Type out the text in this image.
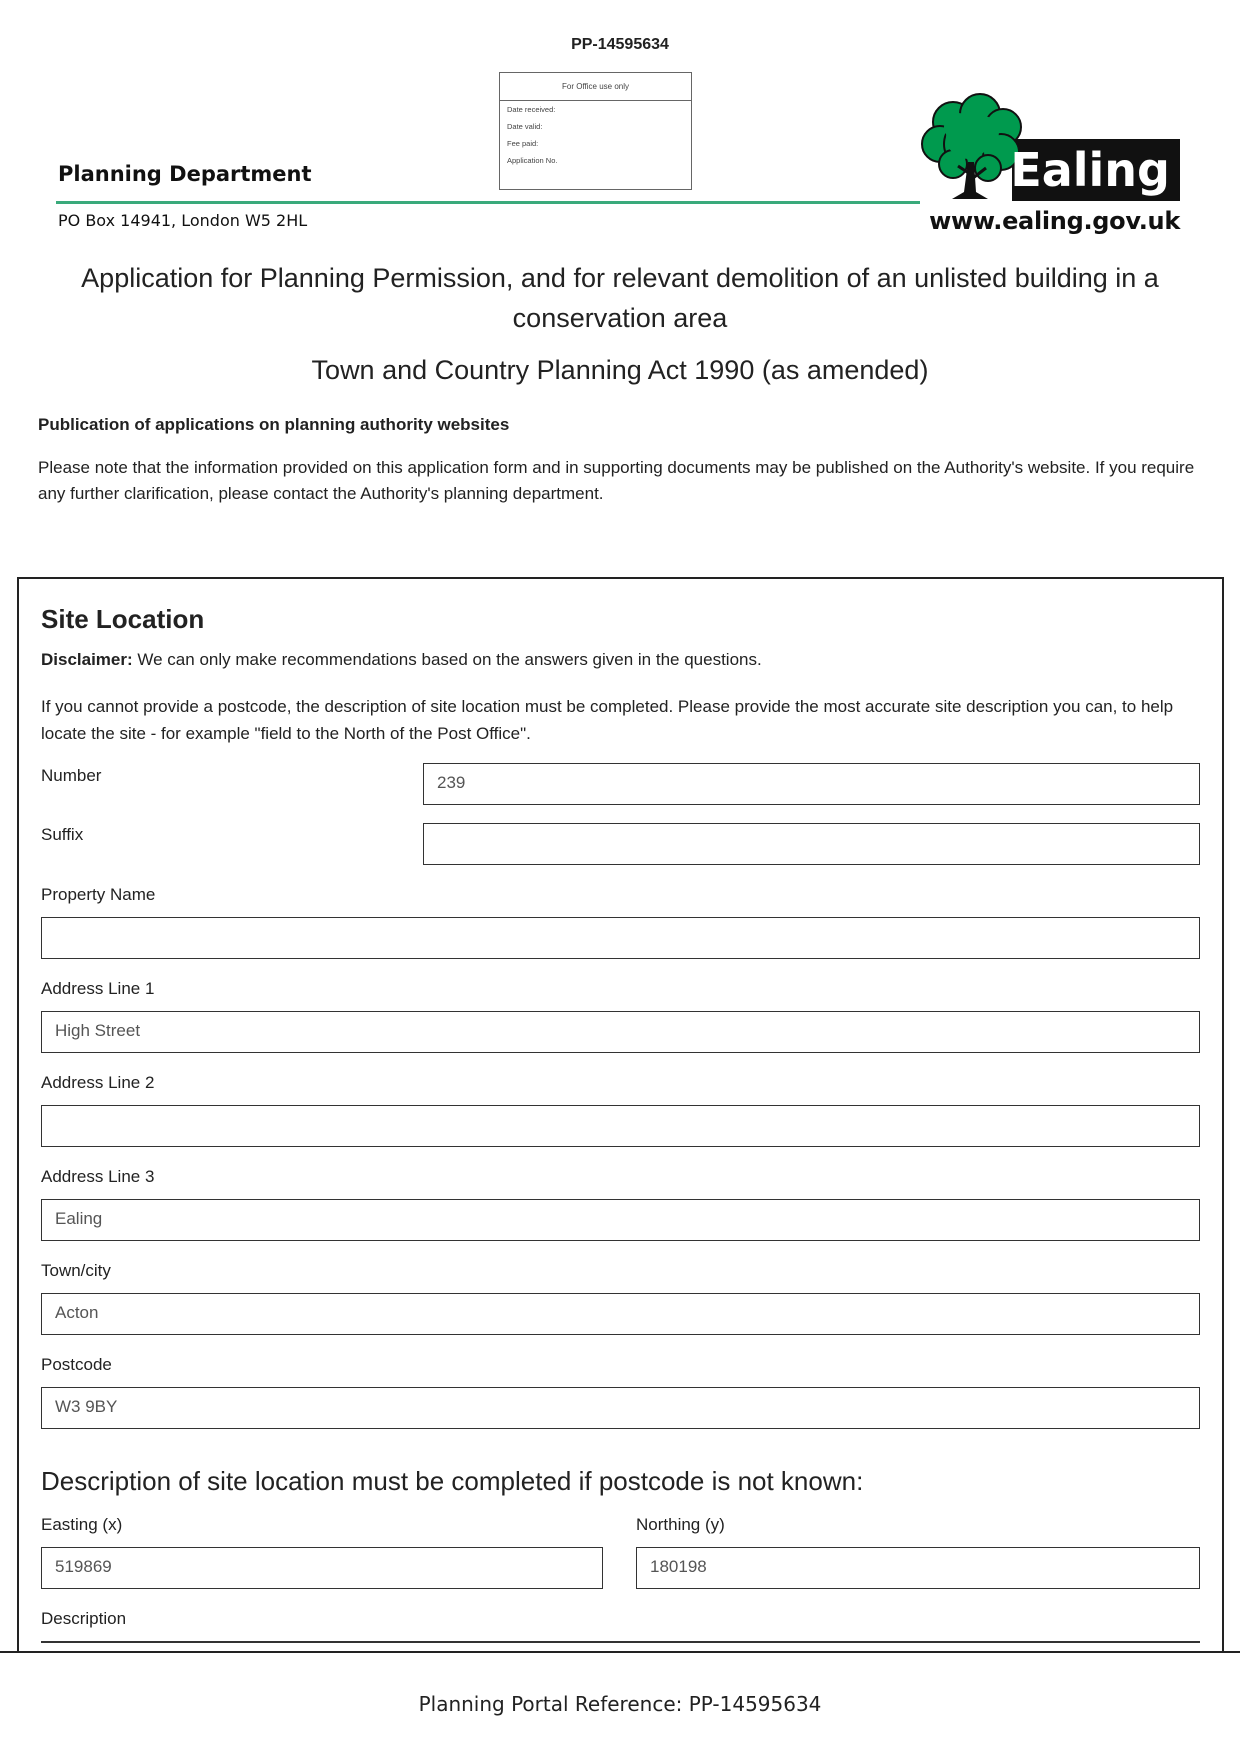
PP-14595634
For Office use only
Date received:
Date valid:
Fee paid:
Application No.
Planning Department
PO Box 14941, London W5 2HL
Ealing
www.ealing.gov.uk
Application for Planning Permission, and for relevant demolition of an unlisted building in a conservation area
Town and Country Planning Act 1990 (as amended)
Publication of applications on planning authority websites
Please note that the information provided on this application form and in supporting documents may be published on the Authority's website. If you require any further clarification, please contact the Authority's planning department.
Site Location
Disclaimer: We can only make recommendations based on the answers given in the questions.
If you cannot provide a postcode, the description of site location must be completed. Please provide the most accurate site description you can, to help locate the site - for example "field to the North of the Post Office".
Number	239
Suffix
Property Name
Address Line 1
High Street
Address Line 2
Address Line 3
Ealing
Town/city
Acton
Postcode
W3 9BY
Description of site location must be completed if postcode is not known:
Easting (x)
519869
Northing (y)
180198
Description
Planning Portal Reference: PP-14595634
